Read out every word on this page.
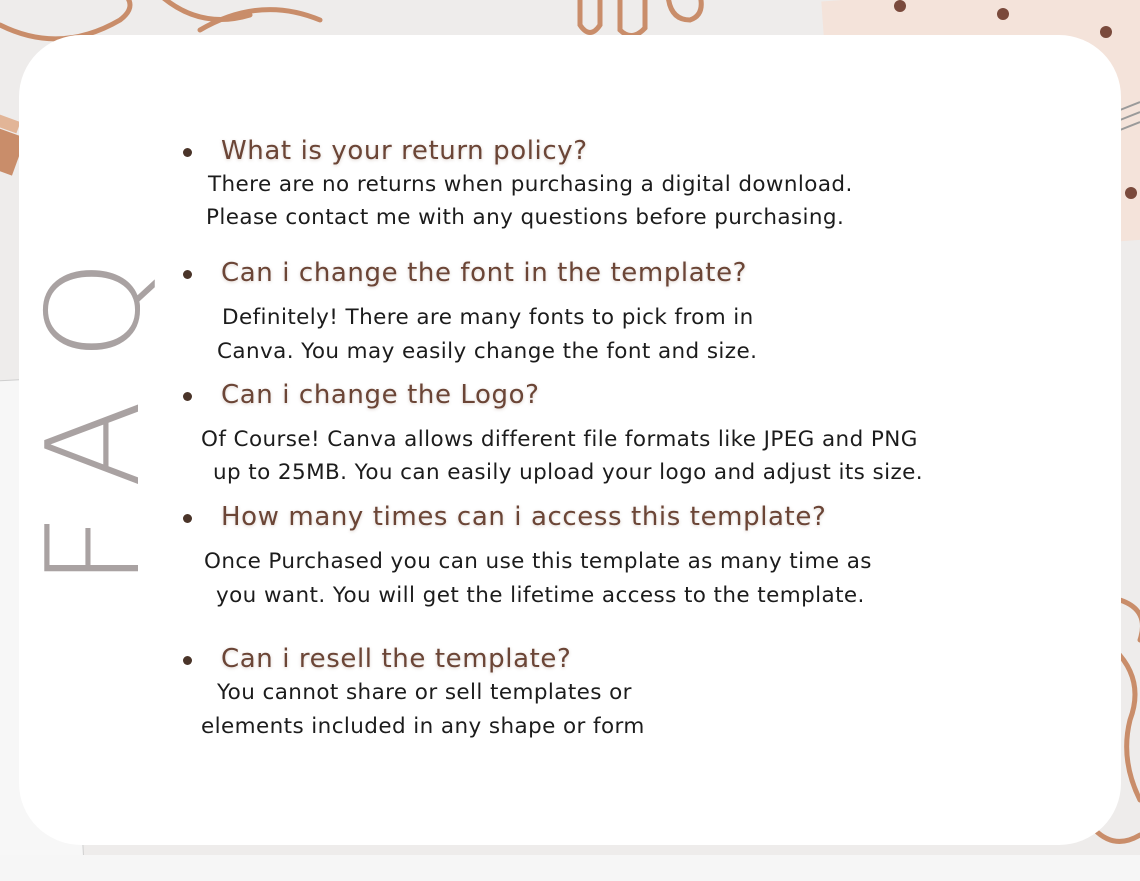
F
A
Q
What is your return policy?
There are no returns when purchasing a digital download.
Please contact me with any questions before purchasing.
Can i change the font in the template?
Definitely! There are many fonts to pick from in
Canva. You may easily change the font and size.
Can i change the Logo?
Of Course! Canva allows different file formats like JPEG and PNG
up to 25MB. You can easily upload your logo and adjust its size.
How many times can i access this template?
Once Purchased you can use this template as many time as
you want. You will get the lifetime access to the template.
Can i resell the template?
You cannot share or sell templates or
elements included in any shape or form
